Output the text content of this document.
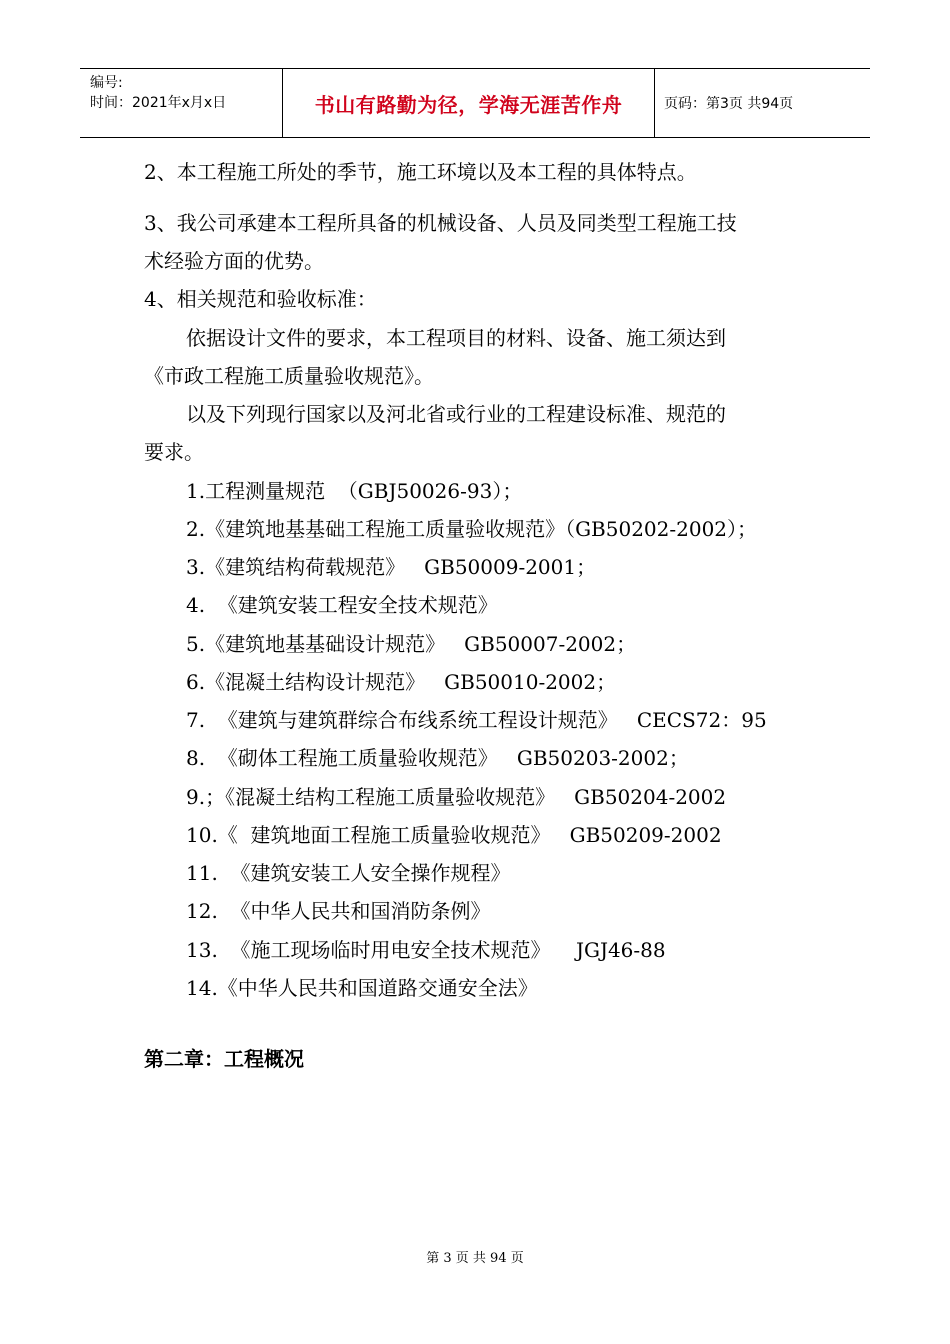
编号:
时间：2021年x月x日	书山有路勤为径，学海无涯苦作舟	页码：第3页 共94页
2、本工程施工所处的季节，施工环境以及本工程的具体特点。
3、我公司承建本工程所具备的机械设备、人员及同类型工程施工技
术经验方面的优势。
4、相关规范和验收标准：
依据设计文件的要求，本工程项目的材料、设备、施工须达到
《市政工程施工质量验收规范》。
以及下列现行国家以及河北省或行业的工程建设标准、规范的
要求。
1.工程测量规范  （GBJ50026-93）；
2.《建筑地基基础工程施工质量验收规范》（GB50202-2002）；
3.《建筑结构荷载规范》   GB50009-2001；
4.  《建筑安装工程安全技术规范》
5.《建筑地基基础设计规范》   GB50007-2002；
6.《混凝土结构设计规范》   GB50010-2002；
7.  《建筑与建筑群综合布线系统工程设计规范》   CECS72：95
8.  《砌体工程施工质量验收规范》   GB50203-2002；
9.；《混凝土结构工程施工质量验收规范》   GB50204-2002
10.《  建筑地面工程施工质量验收规范》   GB50209-2002
11.  《建筑安装工人安全操作规程》
12.  《中华人民共和国消防条例》
13.  《施工现场临时用电安全技术规范》    JGJ46-88
14.《中华人民共和国道路交通安全法》
第二章：工程概况
第 3 页 共 94 页
